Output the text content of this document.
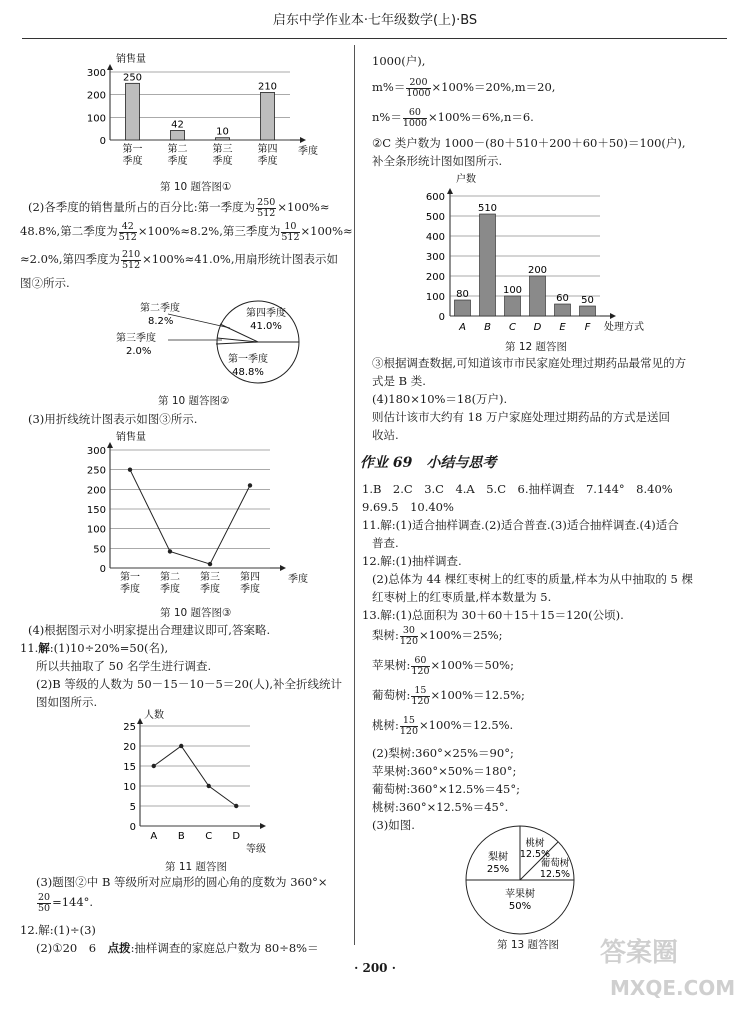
启东中学作业本·七年级数学(上)·BS
300
200
100
0
销售量
季度
250
第一
季度
42
第二
季度
10
第三
季度
210
第四
季度
第 10 题答图①
(2)各季度的销售量所占的百分比:第一季度为 $\frac{250}{512} \times 100\%\approx$
48.8%,第二季度为 $\frac{42}{512} \times 100\%\approx 8.2\%$,第三季度为 $\frac{10}{512} \times 100\%\approx$
≈2.0%,第四季度为 $\frac{210}{512} \times 100\%\approx 41.0\%$,用扇形统计图表示如
图②所示.
第二季度
8.2%
第四季度
41.0%
第三季度
2.0%
第一季度
48.8%
第 10 题答图②
(3)用折线统计图表示如图③所示.
300
250
200
150
100
50
0
销售量
季度
第一
季度
第二
季度
第三
季度
第四
季度
第 10 题答图③
(4)根据图示对小明家提出合理建议即可,答案略.
11.解:(1)10÷20%=50(名),
所以共抽取了 50 名学生进行调查.
(2)B 等级的人数为 50－15－10－5＝20(人),补全折线统计
图如图所示.
25
20
15
10
5
0
人数
等级
A B C D
第 11 题答图
(3)题图②中 B 等级所对应扇形的圆心角的度数为 360°×
$\frac{20}{50} =144^\circ$.
12.解:(1)÷(3)
(2)①20　6　点拨:抽样调查的家庭总户数为 80÷8%＝
1000(户),
$m\%= \frac{200}{1000} \times 100\%=20\%,m=20$,
$n\%= \frac{60}{1000} \times 100\%=6\%,n=6$.
②C 类户数为 1000－(80＋510＋200＋60＋50)＝100(户),
补全条形统计图如图所示.
600
500
400
300
200
100
0
户数
处理方式
80
A
510
B
100
C
200
D
60
E
50
F
第 12 题答图
③根据调查数据,可知道该市市民家庭处理过期药品最常见的方
式是 B 类.
(4)180×10%＝18(万户).
则估计该市大约有 18 万户家庭处理过期药品的方式是送回
收站.
作业 69　小结与思考
1.B　2.C　3.C　4.A　5.C　6.抽样调查　7.144°　8.40%
9.69.5　10.40%
11.解:(1)适合抽样调查.(2)适合普查.(3)适合抽样调查.(4)适合
普查.
12.解:(1)抽样调查.
(2)总体为 44 棵红枣树上的红枣的质量,样本为从中抽取的 5 棵
红枣树上的红枣质量,样本数量为 5.
13.解:(1)总面积为 30＋60＋15＋15＝120(公顷).
梨树: $\frac{30}{120} \times 100\%=25\%$;
苹果树: $\frac{60}{120} \times 100\%=50\%$;
葡萄树: $\frac{15}{120} \times 100\%=12.5\%$;
桃树: $\frac{15}{120} \times 100\%=12.5\%$.
(2)梨树:360°×25%＝90°;
苹果树:360°×50%＝180°;
葡萄树:360°×12.5%＝45°;
桃树:360°×12.5%＝45°.
(3)如图.
梨树
25%
桃树
12.5%
葡萄树
12.5%
苹果树
50%
第 13 题答图
· 200 ·	答案圈
MXQE.COM
